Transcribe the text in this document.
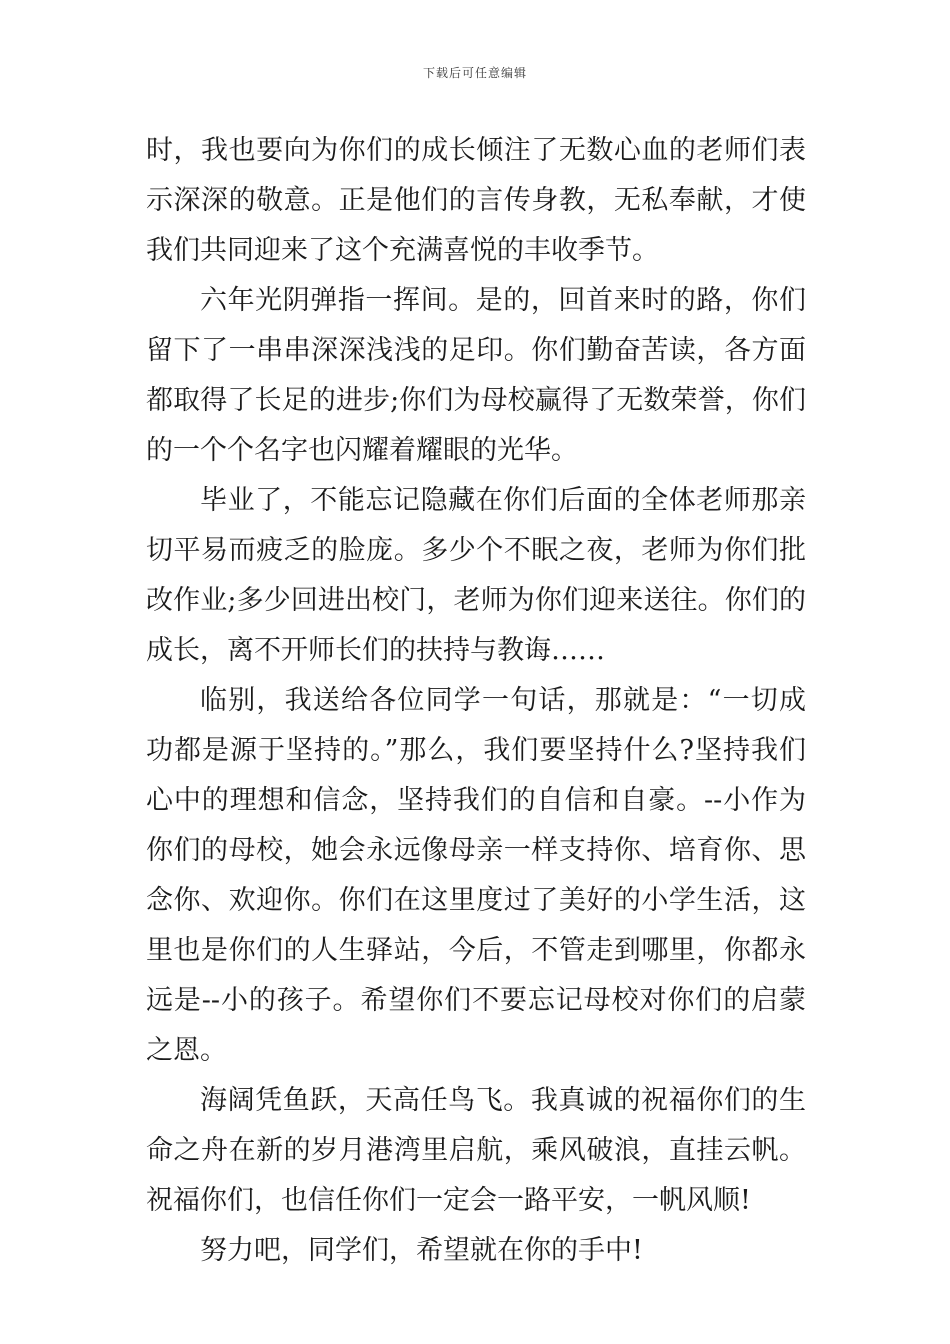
下载后可任意编辑

时，我也要向为你们的成长倾注了无数心血的老师们表示深深的敬意。正是他们的言传身教，无私奉献，才使我们共同迎来了这个充满喜悦的丰收季节。

六年光阴弹指一挥间。是的，回首来时的路，你们留下了一串串深深浅浅的足印。你们勤奋苦读，各方面都取得了长足的进步;你们为母校赢得了无数荣誉，你们的一个个名字也闪耀着耀眼的光华。

毕业了，不能忘记隐藏在你们后面的全体老师那亲切平易而疲乏的脸庞。多少个不眠之夜，老师为你们批改作业;多少回进出校门，老师为你们迎来送往。你们的成长，离不开师长们的扶持与教诲……

临别，我送给各位同学一句话，那就是：“一切成功都是源于坚持的。”那么，我们要坚持什么?坚持我们心中的理想和信念，坚持我们的自信和自豪。--小作为你们的母校，她会永远像母亲一样支持你、培育你、思念你、欢迎你。你们在这里度过了美好的小学生活，这里也是你们的人生驿站，今后，不管走到哪里，你都永远是--小的孩子。希望你们不要忘记母校对你们的启蒙之恩。

海阔凭鱼跃，天高任鸟飞。我真诚的祝福你们的生命之舟在新的岁月港湾里启航，乘风破浪，直挂云帆。祝福你们，也信任你们一定会一路平安，一帆风顺!

努力吧，同学们，希望就在你的手中!
